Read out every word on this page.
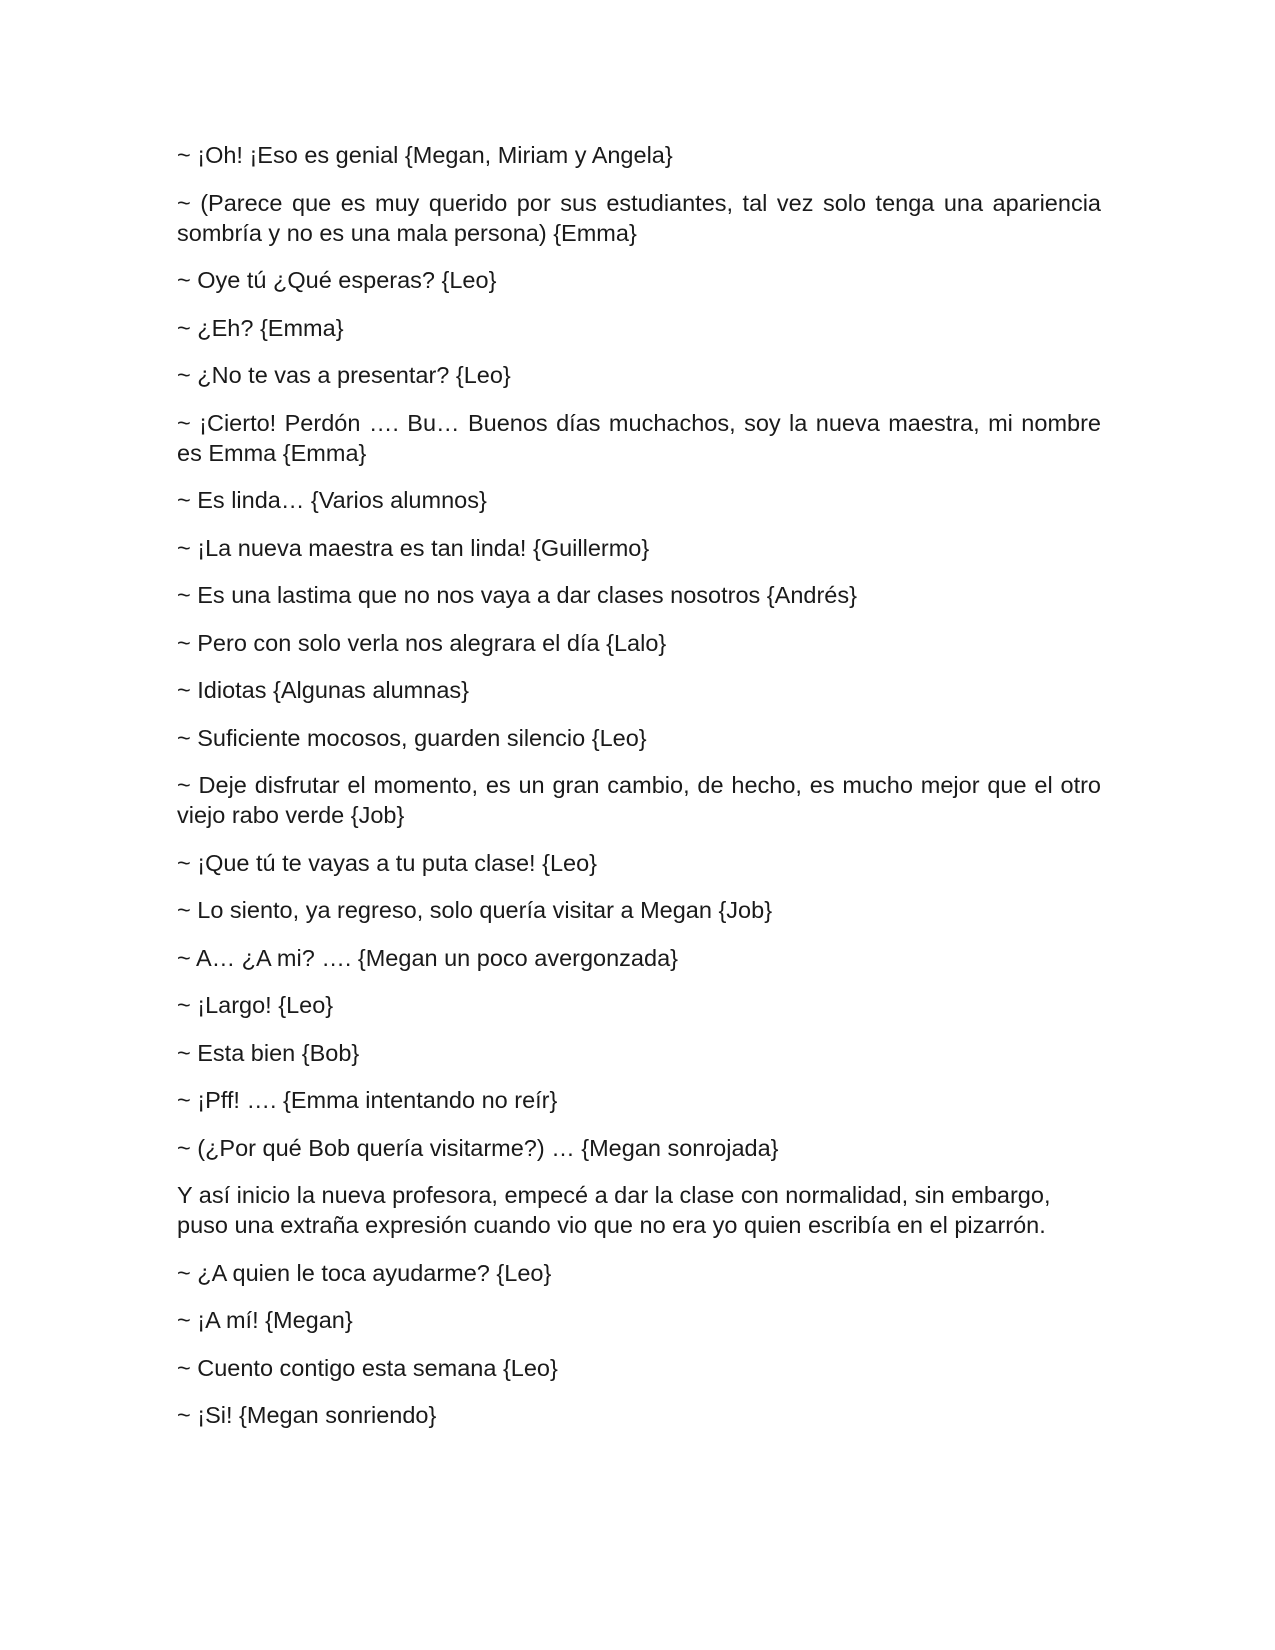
~ ¡Oh! ¡Eso es genial {Megan, Miriam y Angela}

~ (Parece que es muy querido por sus estudiantes, tal vez solo tenga una apariencia sombría y no es una mala persona) {Emma}

~ Oye tú ¿Qué esperas? {Leo}

~ ¿Eh? {Emma}

~ ¿No te vas a presentar? {Leo}

~ ¡Cierto! Perdón …. Bu… Buenos días muchachos, soy la nueva maestra, mi nombre es Emma {Emma}

~ Es linda… {Varios alumnos}

~ ¡La nueva maestra es tan linda! {Guillermo}

~ Es una lastima que no nos vaya a dar clases nosotros {Andrés}

~ Pero con solo verla nos alegrara el día {Lalo}

~ Idiotas {Algunas alumnas}

~ Suficiente mocosos, guarden silencio {Leo}

~ Deje disfrutar el momento, es un gran cambio, de hecho, es mucho mejor que el otro viejo rabo verde {Job}

~ ¡Que tú te vayas a tu puta clase! {Leo}

~ Lo siento, ya regreso, solo quería visitar a Megan {Job}

~ A… ¿A mi? …. {Megan un poco avergonzada}

~ ¡Largo! {Leo}

~ Esta bien {Bob}

~ ¡Pff! …. {Emma intentando no reír}

~ (¿Por qué Bob quería visitarme?) … {Megan sonrojada}

Y así inicio la nueva profesora, empecé a dar la clase con normalidad, sin embargo, puso una extraña expresión cuando vio que no era yo quien escribía en el pizarrón.

~ ¿A quien le toca ayudarme? {Leo}

~ ¡A mí! {Megan}

~ Cuento contigo esta semana {Leo}

~ ¡Si! {Megan sonriendo}
